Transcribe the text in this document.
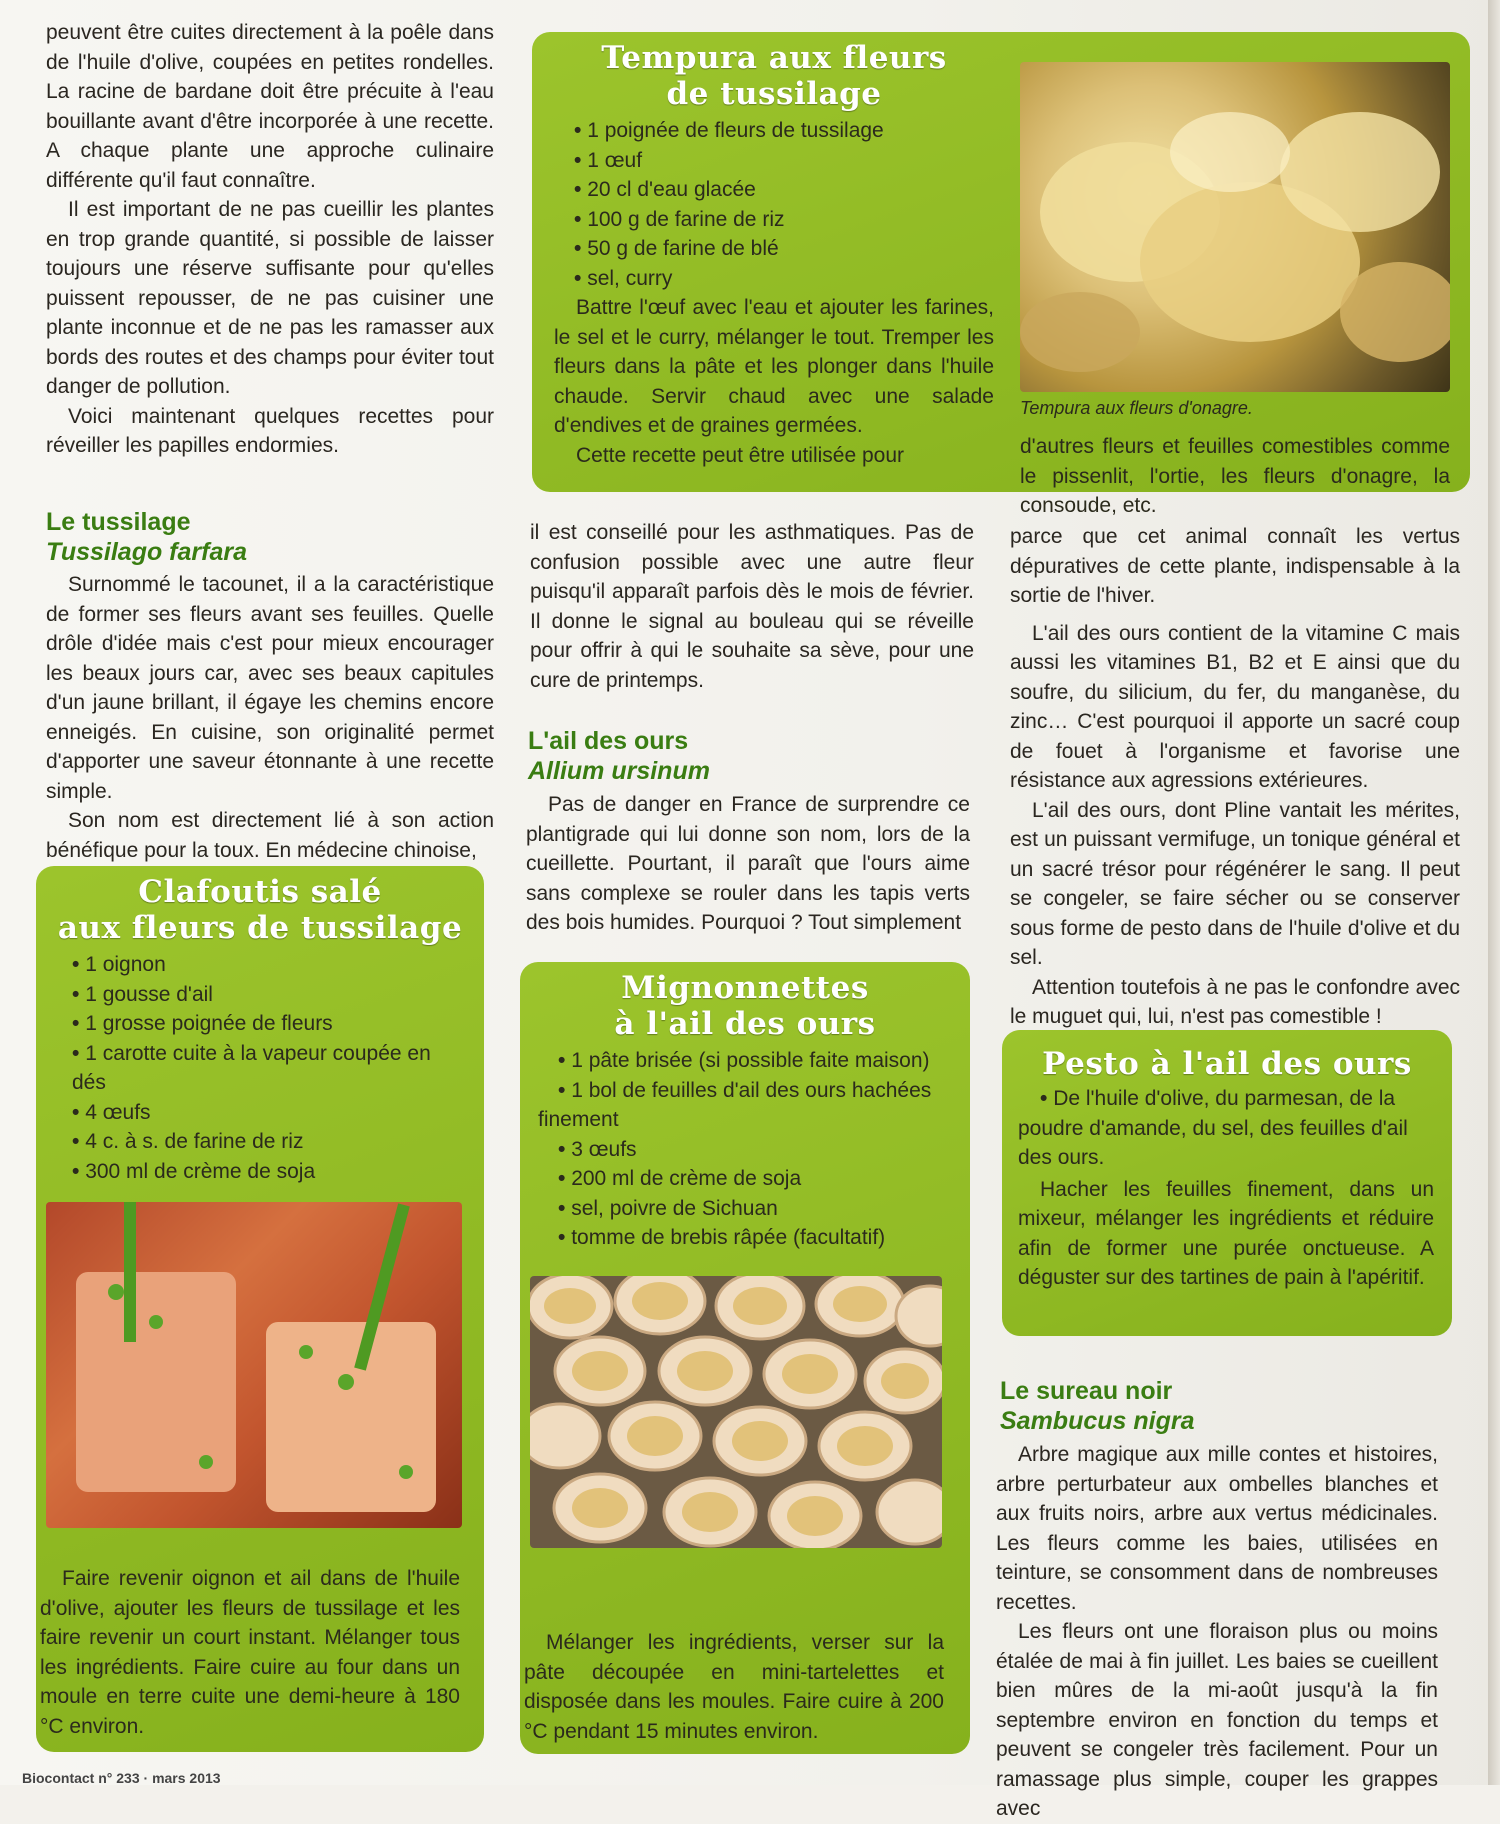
peuvent être cuites directement à la poêle dans de l'huile d'olive, coupées en petites rondelles. La racine de bardane doit être précuite à l'eau bouillante avant d'être incorporée à une recette. A chaque plante une approche culinaire différente qu'il faut connaître.

Il est important de ne pas cueillir les plantes en trop grande quantité, si possible de laisser toujours une réserve suffisante pour qu'elles puissent repousser, de ne pas cuisiner une plante inconnue et de ne pas les ramasser aux bords des routes et des champs pour éviter tout danger de pollution.

Voici maintenant quelques recettes pour réveiller les papilles endormies.

Le tussilage
Tussilago farfara

Surnommé le tacounet, il a la caractéristique de former ses fleurs avant ses feuilles. Quelle drôle d'idée mais c'est pour mieux encourager les beaux jours car, avec ses beaux capitules d'un jaune brillant, il égaye les chemins encore enneigés. En cuisine, son originalité permet d'apporter une saveur étonnante à une recette simple.

Son nom est directement lié à son action bénéfique pour la toux. En médecine chinoise,

Tempura aux fleurs
de tussilage
• 1 poignée de fleurs de tussilage
• 1 œuf
• 20 cl d'eau glacée
• 100 g de farine de riz
• 50 g de farine de blé
• sel, curry

Battre l'œuf avec l'eau et ajouter les farines, le sel et le curry, mélanger le tout. Tremper les fleurs dans la pâte et les plonger dans l'huile chaude. Servir chaud avec une salade d'endives et de graines germées.

Cette recette peut être utilisée pour

Tempura aux fleurs d'onagre.
d'autres fleurs et feuilles comestibles comme le pissenlit, l'ortie, les fleurs d'onagre, la consoude, etc.

il est conseillé pour les asthmatiques. Pas de confusion possible avec une autre fleur puisqu'il apparaît parfois dès le mois de février. Il donne le signal au bouleau qui se réveille pour offrir à qui le souhaite sa sève, pour une cure de printemps.

L'ail des ours
Allium ursinum

Pas de danger en France de surprendre ce plantigrade qui lui donne son nom, lors de la cueillette. Pourtant, il paraît que l'ours aime sans complexe se rouler dans les tapis verts des bois humides. Pourquoi ? Tout simplement

parce que cet animal connaît les vertus dépuratives de cette plante, indispensable à la sortie de l'hiver.

L'ail des ours contient de la vitamine C mais aussi les vitamines B1, B2 et E ainsi que du soufre, du silicium, du fer, du manganèse, du zinc… C'est pourquoi il apporte un sacré coup de fouet à l'organisme et favorise une résistance aux agressions extérieures.

L'ail des ours, dont Pline vantait les mérites, est un puissant vermifuge, un tonique général et un sacré trésor pour régénérer le sang. Il peut se congeler, se faire sécher ou se conserver sous forme de pesto dans de l'huile d'olive et du sel.

Attention toutefois à ne pas le confondre avec le muguet qui, lui, n'est pas comestible !

Clafoutis salé
aux fleurs de tussilage
• 1 oignon
• 1 gousse d'ail
• 1 grosse poignée de fleurs
• 1 carotte cuite à la vapeur coupée en dés
• 4 œufs
• 4 c. à s. de farine de riz
• 300 ml de crème de soja

Faire revenir oignon et ail dans de l'huile d'olive, ajouter les fleurs de tussilage et les faire revenir un court instant. Mélanger tous les ingrédients. Faire cuire au four dans un moule en terre cuite une demi-heure à 180 °C environ.

Mignonnettes
à l'ail des ours
• 1 pâte brisée (si possible faite maison)
• 1 bol de feuilles d'ail des ours hachées finement
• 3 œufs
• 200 ml de crème de soja
• sel, poivre de Sichuan
• tomme de brebis râpée (facultatif)

Mélanger les ingrédients, verser sur la pâte découpée en mini-tartelettes et disposée dans les moules. Faire cuire à 200 °C pendant 15 minutes environ.

Pesto à l'ail des ours
• De l'huile d'olive, du parmesan, de la poudre d'amande, du sel, des feuilles d'ail des ours.

Hacher les feuilles finement, dans un mixeur, mélanger les ingrédients et réduire afin de former une purée onctueuse. A déguster sur des tartines de pain à l'apéritif.

Le sureau noir
Sambucus nigra

Arbre magique aux mille contes et histoires, arbre perturbateur aux ombelles blanches et aux fruits noirs, arbre aux vertus médicinales. Les fleurs comme les baies, utilisées en teinture, se consomment dans de nombreuses recettes.

Les fleurs ont une floraison plus ou moins étalée de mai à fin juillet. Les baies se cueillent bien mûres de la mi-août jusqu'à la fin septembre environ en fonction du temps et peuvent se congeler très facilement. Pour un ramassage plus simple, couper les grappes avec

Biocontact n° 233 · mars 2013
